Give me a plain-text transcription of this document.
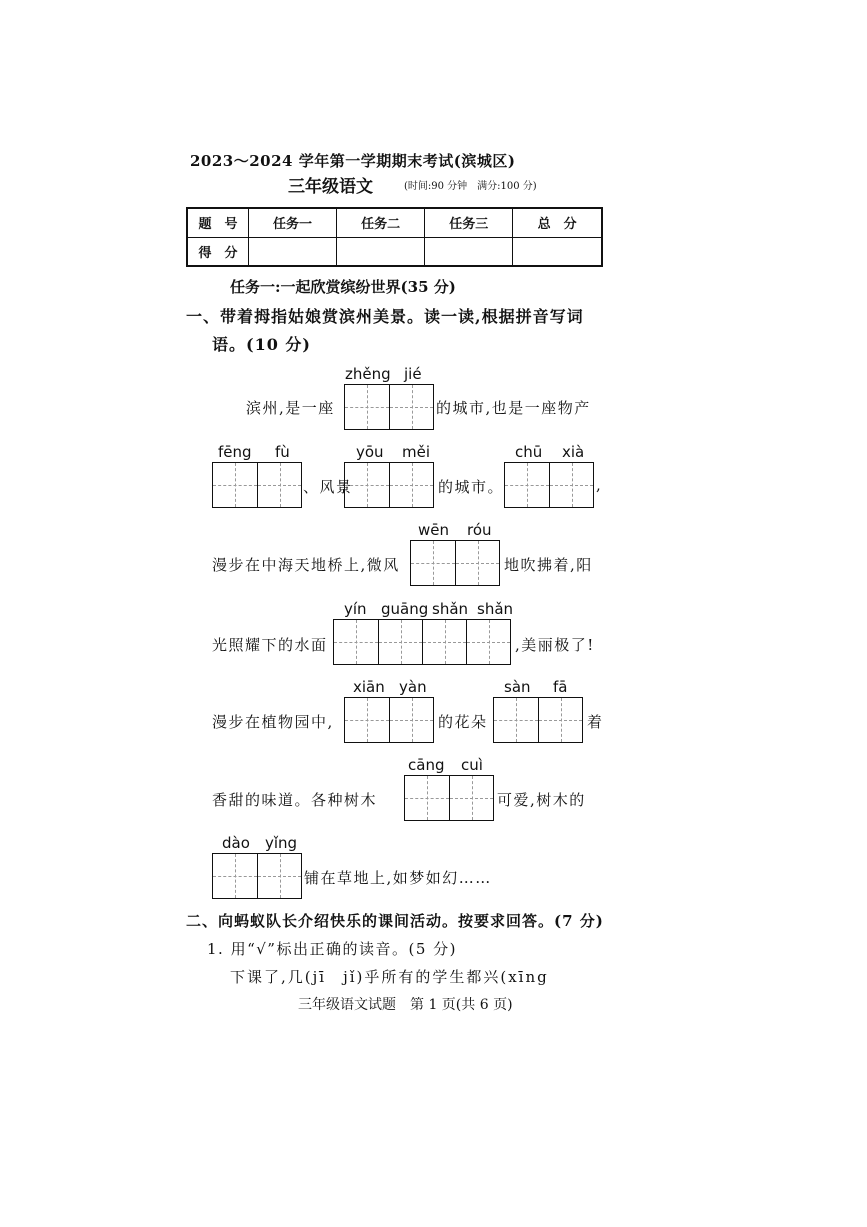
2023～2024 学年第一学期期末考试(滨城区)
三年级语文	(时间:90 分钟　满分:100 分)
题　号	任务一	任务二	任务三	总　分
得　分				
任务一:一起欣赏缤纷世界(35 分)
一、带着拇指姑娘赏滨州美景。读一读,根据拼音写词
语。(10 分)
zhěng jié
滨州,是一座	的城市,也是一座物产
fēng fù
、风景
yōu měi
的城市。
chū xià
,
wēn róu
漫步在中海天地桥上,微风	地吹拂着,阳
yín guāng shǎn shǎn
光照耀下的水面	,美丽极了!
xiān yàn
漫步在植物园中,	的花朵
sàn fā
着
cāng cuì
香甜的味道。各种树木	可爱,树木的
dào yǐng
铺在草地上,如梦如幻……
二、向蚂蚁队长介绍快乐的课间活动。按要求回答。(7 分)
1. 用“√”标出正确的读音。(5 分)
下课了,几(jī　jǐ)乎所有的学生都兴(xīng
三年级语文试题　第 1 页(共 6 页)
